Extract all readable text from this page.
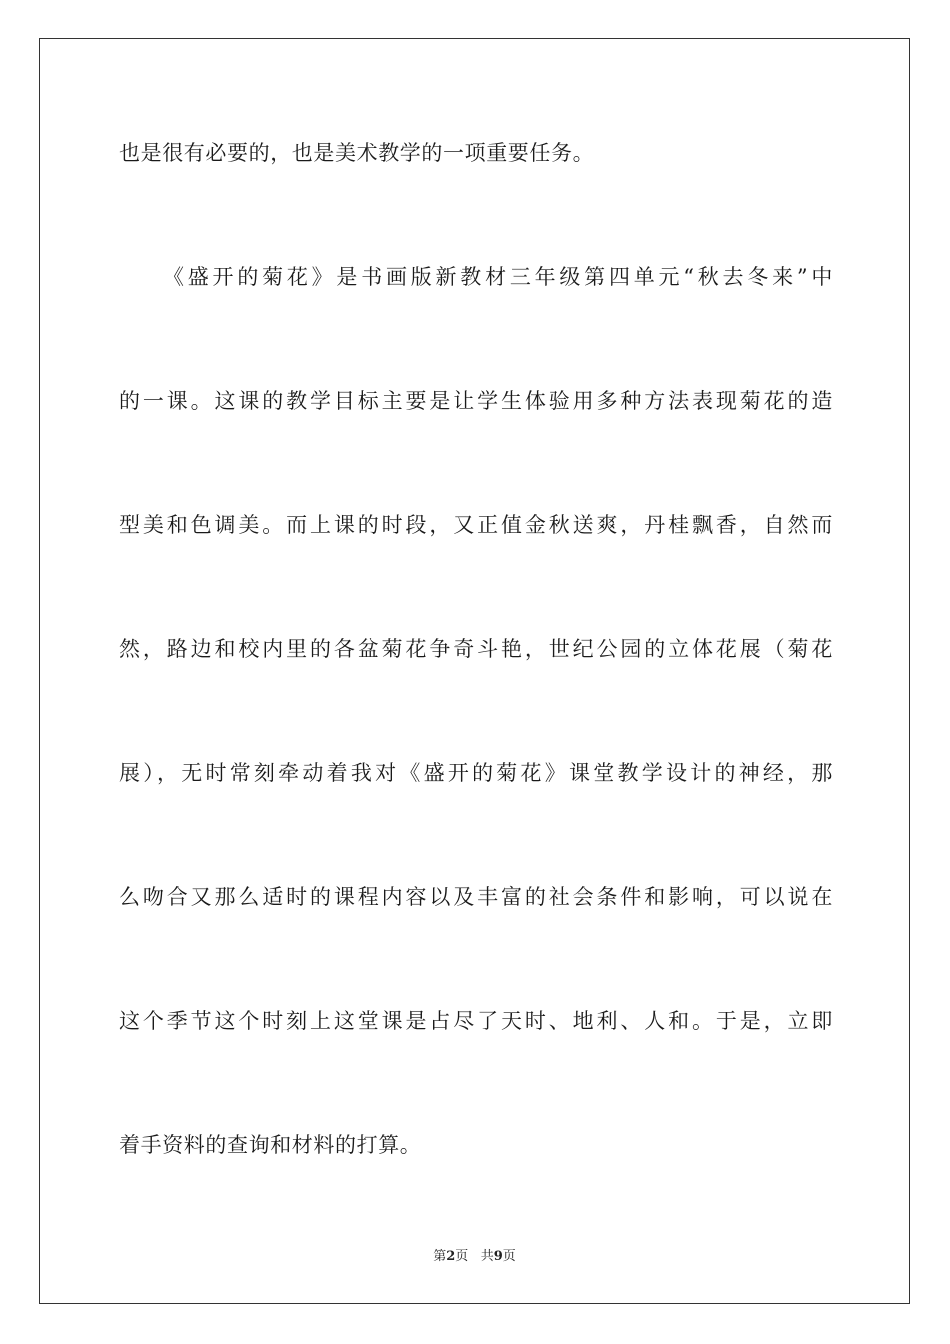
也是很有必要的，也是美术教学的一项重要任务。
《盛开的菊花》是书画版新教材三年级第四单元“秋去冬来”中
的一课。这课的教学目标主要是让学生体验用多种方法表现菊花的造
型美和色调美。而上课的时段，又正值金秋送爽，丹桂飘香，自然而
然，路边和校内里的各盆菊花争奇斗艳，世纪公园的立体花展（菊花
展），无时常刻牵动着我对《盛开的菊花》课堂教学设计的神经，那
么吻合又那么适时的课程内容以及丰富的社会条件和影响，可以说在
这个季节这个时刻上这堂课是占尽了天时、地利、人和。于是，立即
着手资料的查询和材料的打算。
第2页 共9页
